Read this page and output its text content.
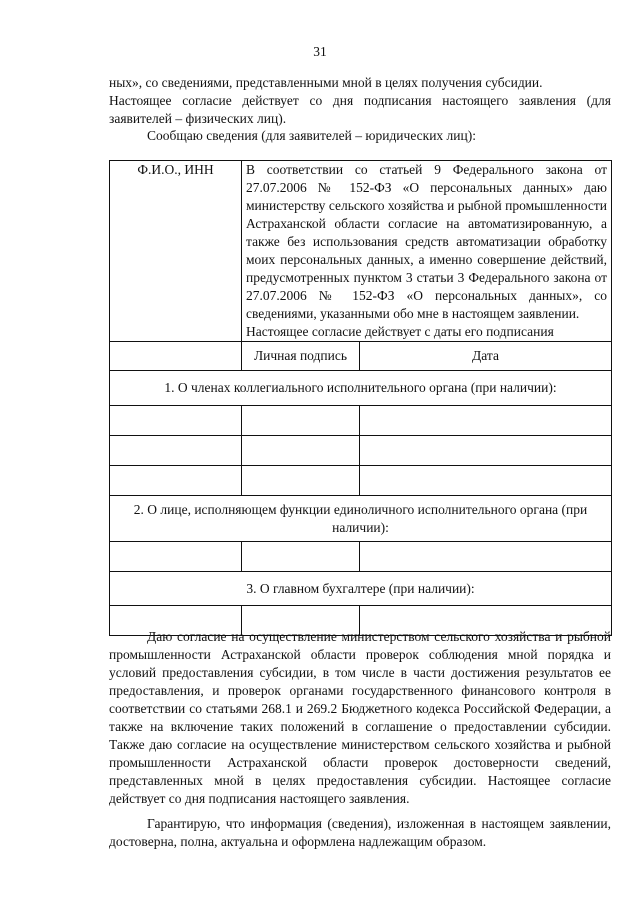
31
ных», со сведениями, представленными мной в целях получения субсидии.
Настоящее согласие действует со дня подписания настоящего заявления (для заявителей – физических лиц).
Сообщаю сведения (для заявителей – юридических лиц):
Ф.И.О., ИНН	В соответствии со статьей 9 Федерального закона от 27.07.2006 № 152-ФЗ «О персональных данных» даю министерству сельского хозяйства и рыбной промышленности Астраханской области согласие на автоматизированную, а также без использования средств автоматизации обработку моих персональных данных, а именно совершение действий, предусмотренных пунктом 3 статьи 3 Федерального закона от 27.07.2006 № 152-ФЗ «О персональных данных», со сведениями, указанными обо мне в настоящем заявлении.
Настоящее согласие действует с даты его подписания	

	Личная подпись	Дата
1. О членах коллегиального исполнительного органа (при наличии):		

2. О лице, исполняющем функции единоличного исполнительного органа (при наличии):		

3. О главном бухгалтере (при наличии):		

Даю согласие на осуществление министерством сельского хозяйства и рыбной промышленности Астраханской области проверок соблюдения мной порядка и условий предоставления субсидии, в том числе в части достижения результатов ее предоставления, и проверок органами государственного финансового контроля в соответствии со статьями 268.1 и 269.2 Бюджетного кодекса Российской Федерации, а также на включение таких положений в соглашение о предоставлении субсидии. Также даю согласие на осуществление министерством сельского хозяйства и рыбной промышленности Астраханской области проверок достоверности сведений, представленных мной в целях предоставления субсидии. Настоящее согласие действует со дня подписания настоящего заявления.
Гарантирую, что информация (сведения), изложенная в настоящем заявлении, достоверна, полна, актуальна и оформлена надлежащим образом.
